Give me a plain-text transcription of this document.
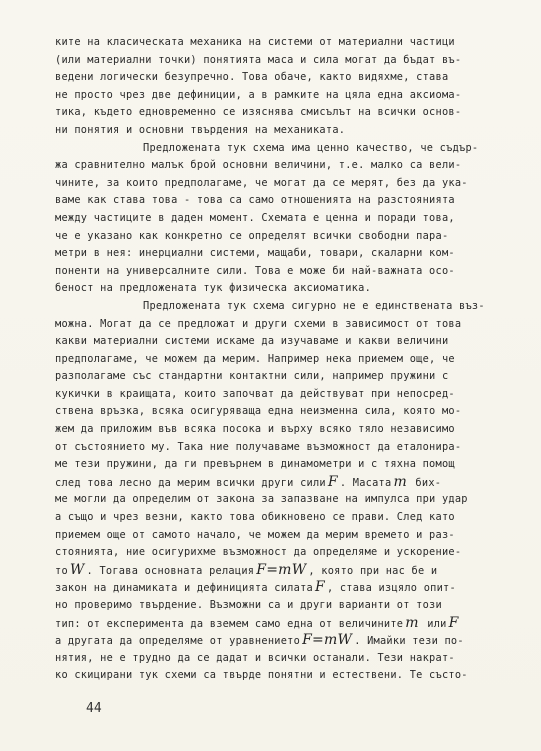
ките на класическата механика на системи от материални частици
(или материални точки) понятията маса и сила могат да бъдат въ-
ведени логически безупречно. Това обаче, както видяхме, става
не просто чрез две дефиниции, а в рамките на цяла една аксиома-
тика, където едновременно се изяснява смисълът на всички основ-
ни понятия и основни твърдения на механиката.
Предложената тук схема има ценно качество, че съдър-
жа сравнително малък брой основни величини, т.е. малко са вели-
чините, за които предполагаме, че могат да се мерят, без да ука-
ваме как става това - това са само отношенията на разстоянията
между частиците в даден момент. Схемата е ценна и поради това,
че е указано как конкретно се определят всички свободни пара-
метри в нея: инерциални системи, мащаби, товари, скаларни ком-
поненти на универсалните сили. Това е може би най-важната осо-
беност на предложената тук физическа аксиоматика.
Предложената тук схема сигурно не е единствената въз-
можна. Могат да се предложат и други схеми в зависимост от това
какви материални системи искаме да изучаваме и какви величини
предполагаме, че можем да мерим. Например нека приемем още, че
разполагаме със стандартни контактни сили, например пружини с
кукички в краищата, които започват да действуват при непосред-
ствена връзка, всяка осигуряваща една неизменна сила, която мо-
жем да приложим във всяка посока и върху всяко тяло независимо
от състоянието му. Така ние получаваме възможност да еталонира-
ме тези пружини, да ги превърнем в динамометри и с тяхна помощ
след това лесно да мерим всички други сили F . Масата m бих-
ме могли да определим от закона за запазване на импулса при удар
а също и чрез везни, както това обикновено се прави. След като
приемем още от самото начало, че можем да мерим времето и раз-
стоянията, ние осигурихме възможност да определяме и ускорение-
то W . Тогава основната релация F=mW , която при нас бе и
закон на динамиката и дефиницията силата F , става изцяло опит-
но проверимо твърдение. Възможни са и други варианти от този
тип: от експеримента да вземем само една от величините m или F
а другата да определяме от уравнението F=mW . Имайки тези по-
нятия, не е трудно да се дадат и всички останали. Тези накрат-
ко скицирани тук схеми са твърде понятни и естествени. Те състо-
44
